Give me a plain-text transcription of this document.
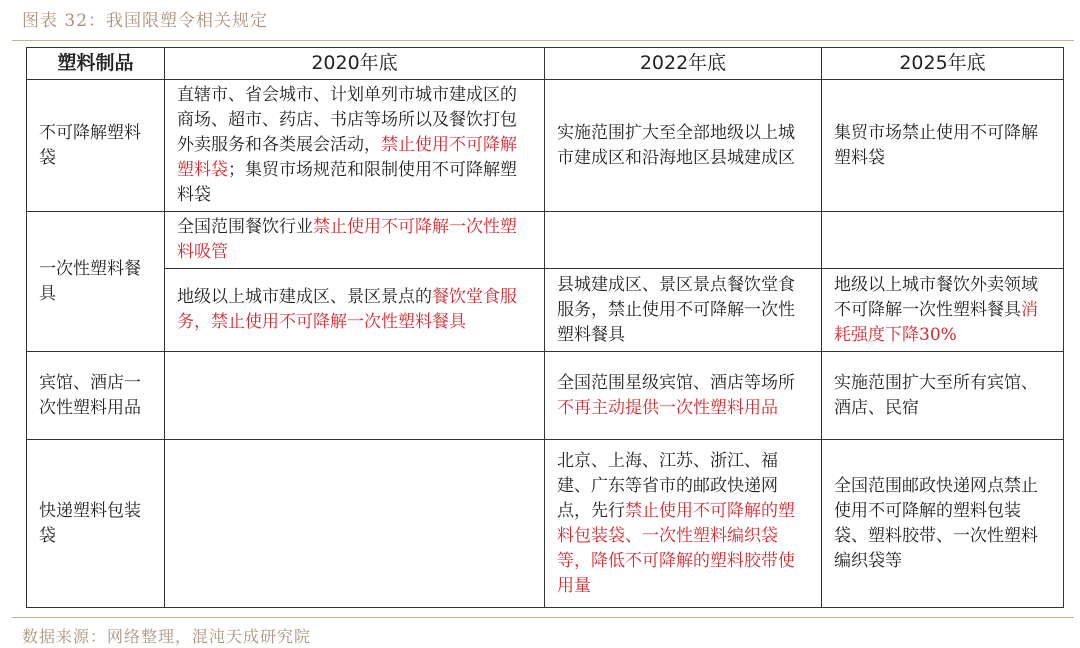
图表 32：我国限塑令相关规定
塑料制品	2020年底	2022年底	2025年底
不可降解塑料袋	直辖市、省会城市、计划单列市城市建成区的商场、超市、药店、书店等场所以及餐饮打包外卖服务和各类展会活动，禁止使用不可降解塑料袋；集贸市场规范和限制使用不可降解塑料袋	实施范围扩大至全部地级以上城市建成区和沿海地区县城建成区	集贸市场禁止使用不可降解塑料袋
一次性塑料餐具	全国范围餐饮行业禁止使用不可降解一次性塑料吸管		
	地级以上城市建成区、景区景点的餐饮堂食服务，禁止使用不可降解一次性塑料餐具	县城建成区、景区景点餐饮堂食服务，禁止使用不可降解一次性塑料餐具	地级以上城市餐饮外卖领域不可降解一次性塑料餐具消耗强度下降30%
宾馆、酒店一次性塑料用品		全国范围星级宾馆、酒店等场所不再主动提供一次性塑料用品	实施范围扩大至所有宾馆、酒店、民宿
快递塑料包装袋		北京、上海、江苏、浙江、福建、广东等省市的邮政快递网点，先行禁止使用不可降解的塑料包装袋、一次性塑料编织袋等，降低不可降解的塑料胶带使用量	全国范围邮政快递网点禁止使用不可降解的塑料包装袋、塑料胶带、一次性塑料编织袋等
数据来源：网络整理，混沌天成研究院
